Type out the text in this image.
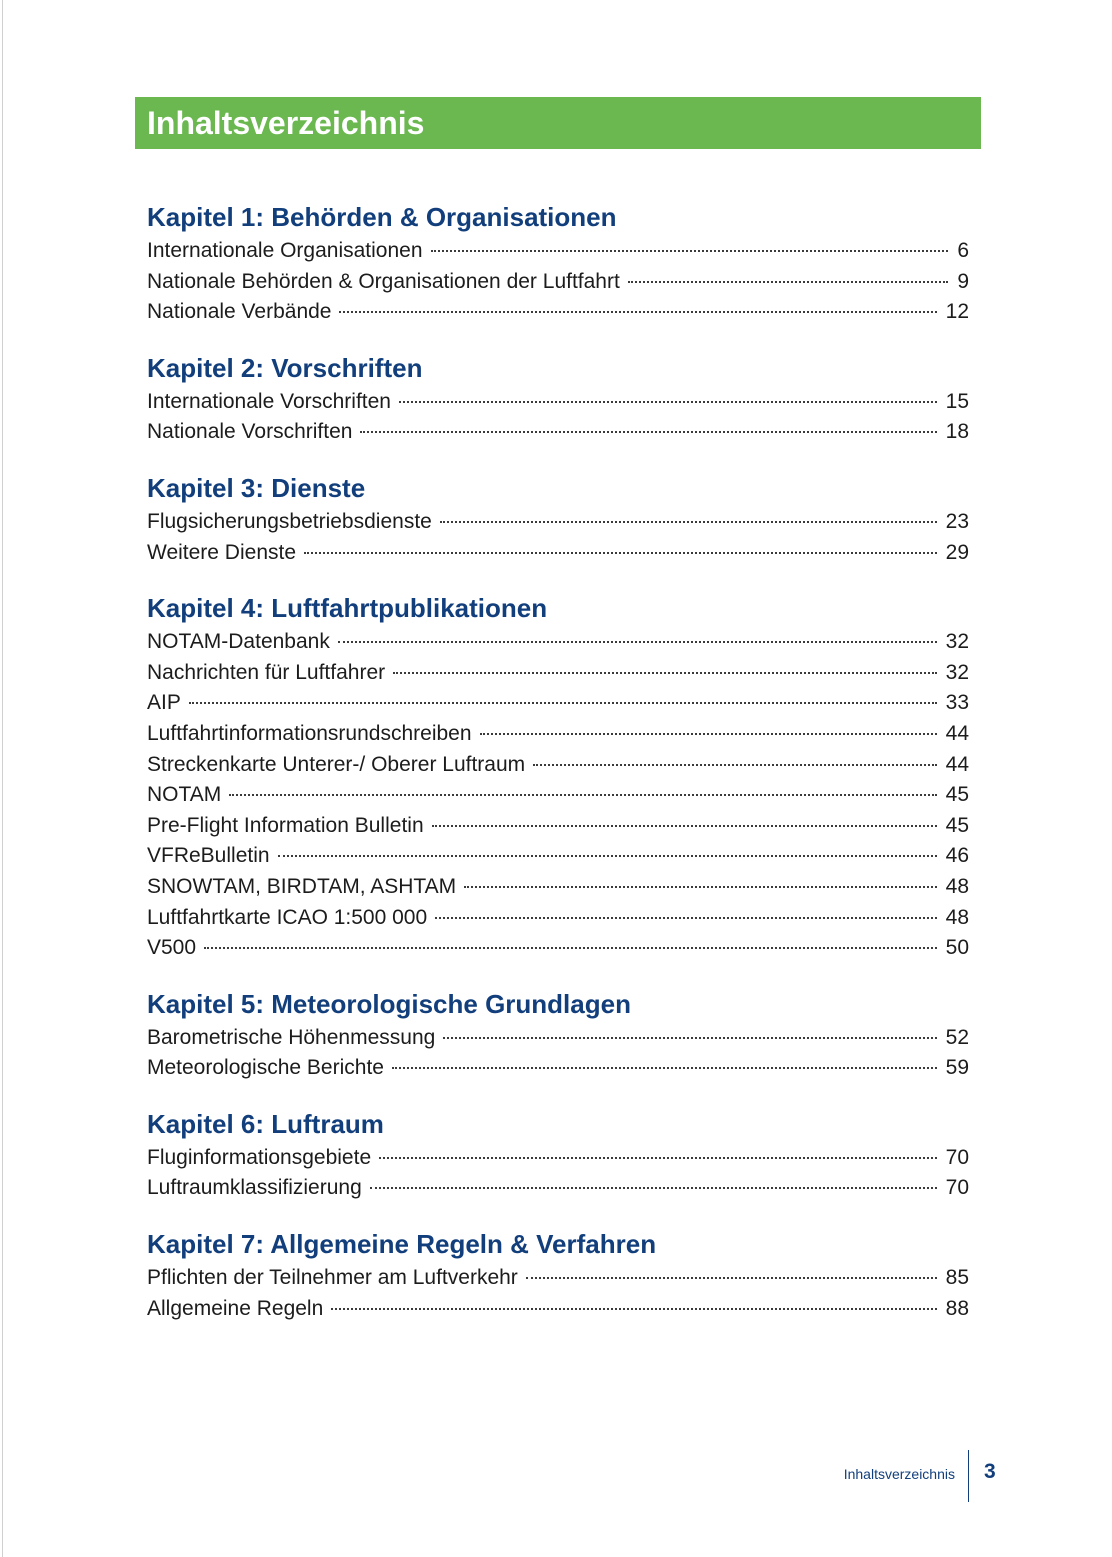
Inhaltsverzeichnis
Kapitel 1: Behörden & Organisationen
Internationale Organisationen	6
Nationale Behörden & Organisationen der Luftfahrt	9
Nationale Verbände	12
Kapitel 2: Vorschriften
Internationale Vorschriften	15
Nationale Vorschriften	18
Kapitel 3: Dienste
Flugsicherungsbetriebsdienste	23
Weitere Dienste	29
Kapitel 4: Luftfahrtpublikationen
NOTAM-Datenbank	32
Nachrichten für Luftfahrer	32
AIP	33
Luftfahrtinformationsrundschreiben	44
Streckenkarte Unterer-/ Oberer Luftraum	44
NOTAM	45
Pre-Flight Information Bulletin	45
VFReBulletin	46
SNOWTAM, BIRDTAM, ASHTAM	48
Luftfahrtkarte ICAO 1:500 000	48
V500	50
Kapitel 5: Meteorologische Grundlagen
Barometrische Höhenmessung	52
Meteorologische Berichte	59
Kapitel 6: Luftraum
Fluginformationsgebiete	70
Luftraumklassifizierung	70
Kapitel 7: Allgemeine Regeln & Verfahren
Pflichten der Teilnehmer am Luftverkehr	85
Allgemeine Regeln	88
Inhaltsverzeichnis 3
